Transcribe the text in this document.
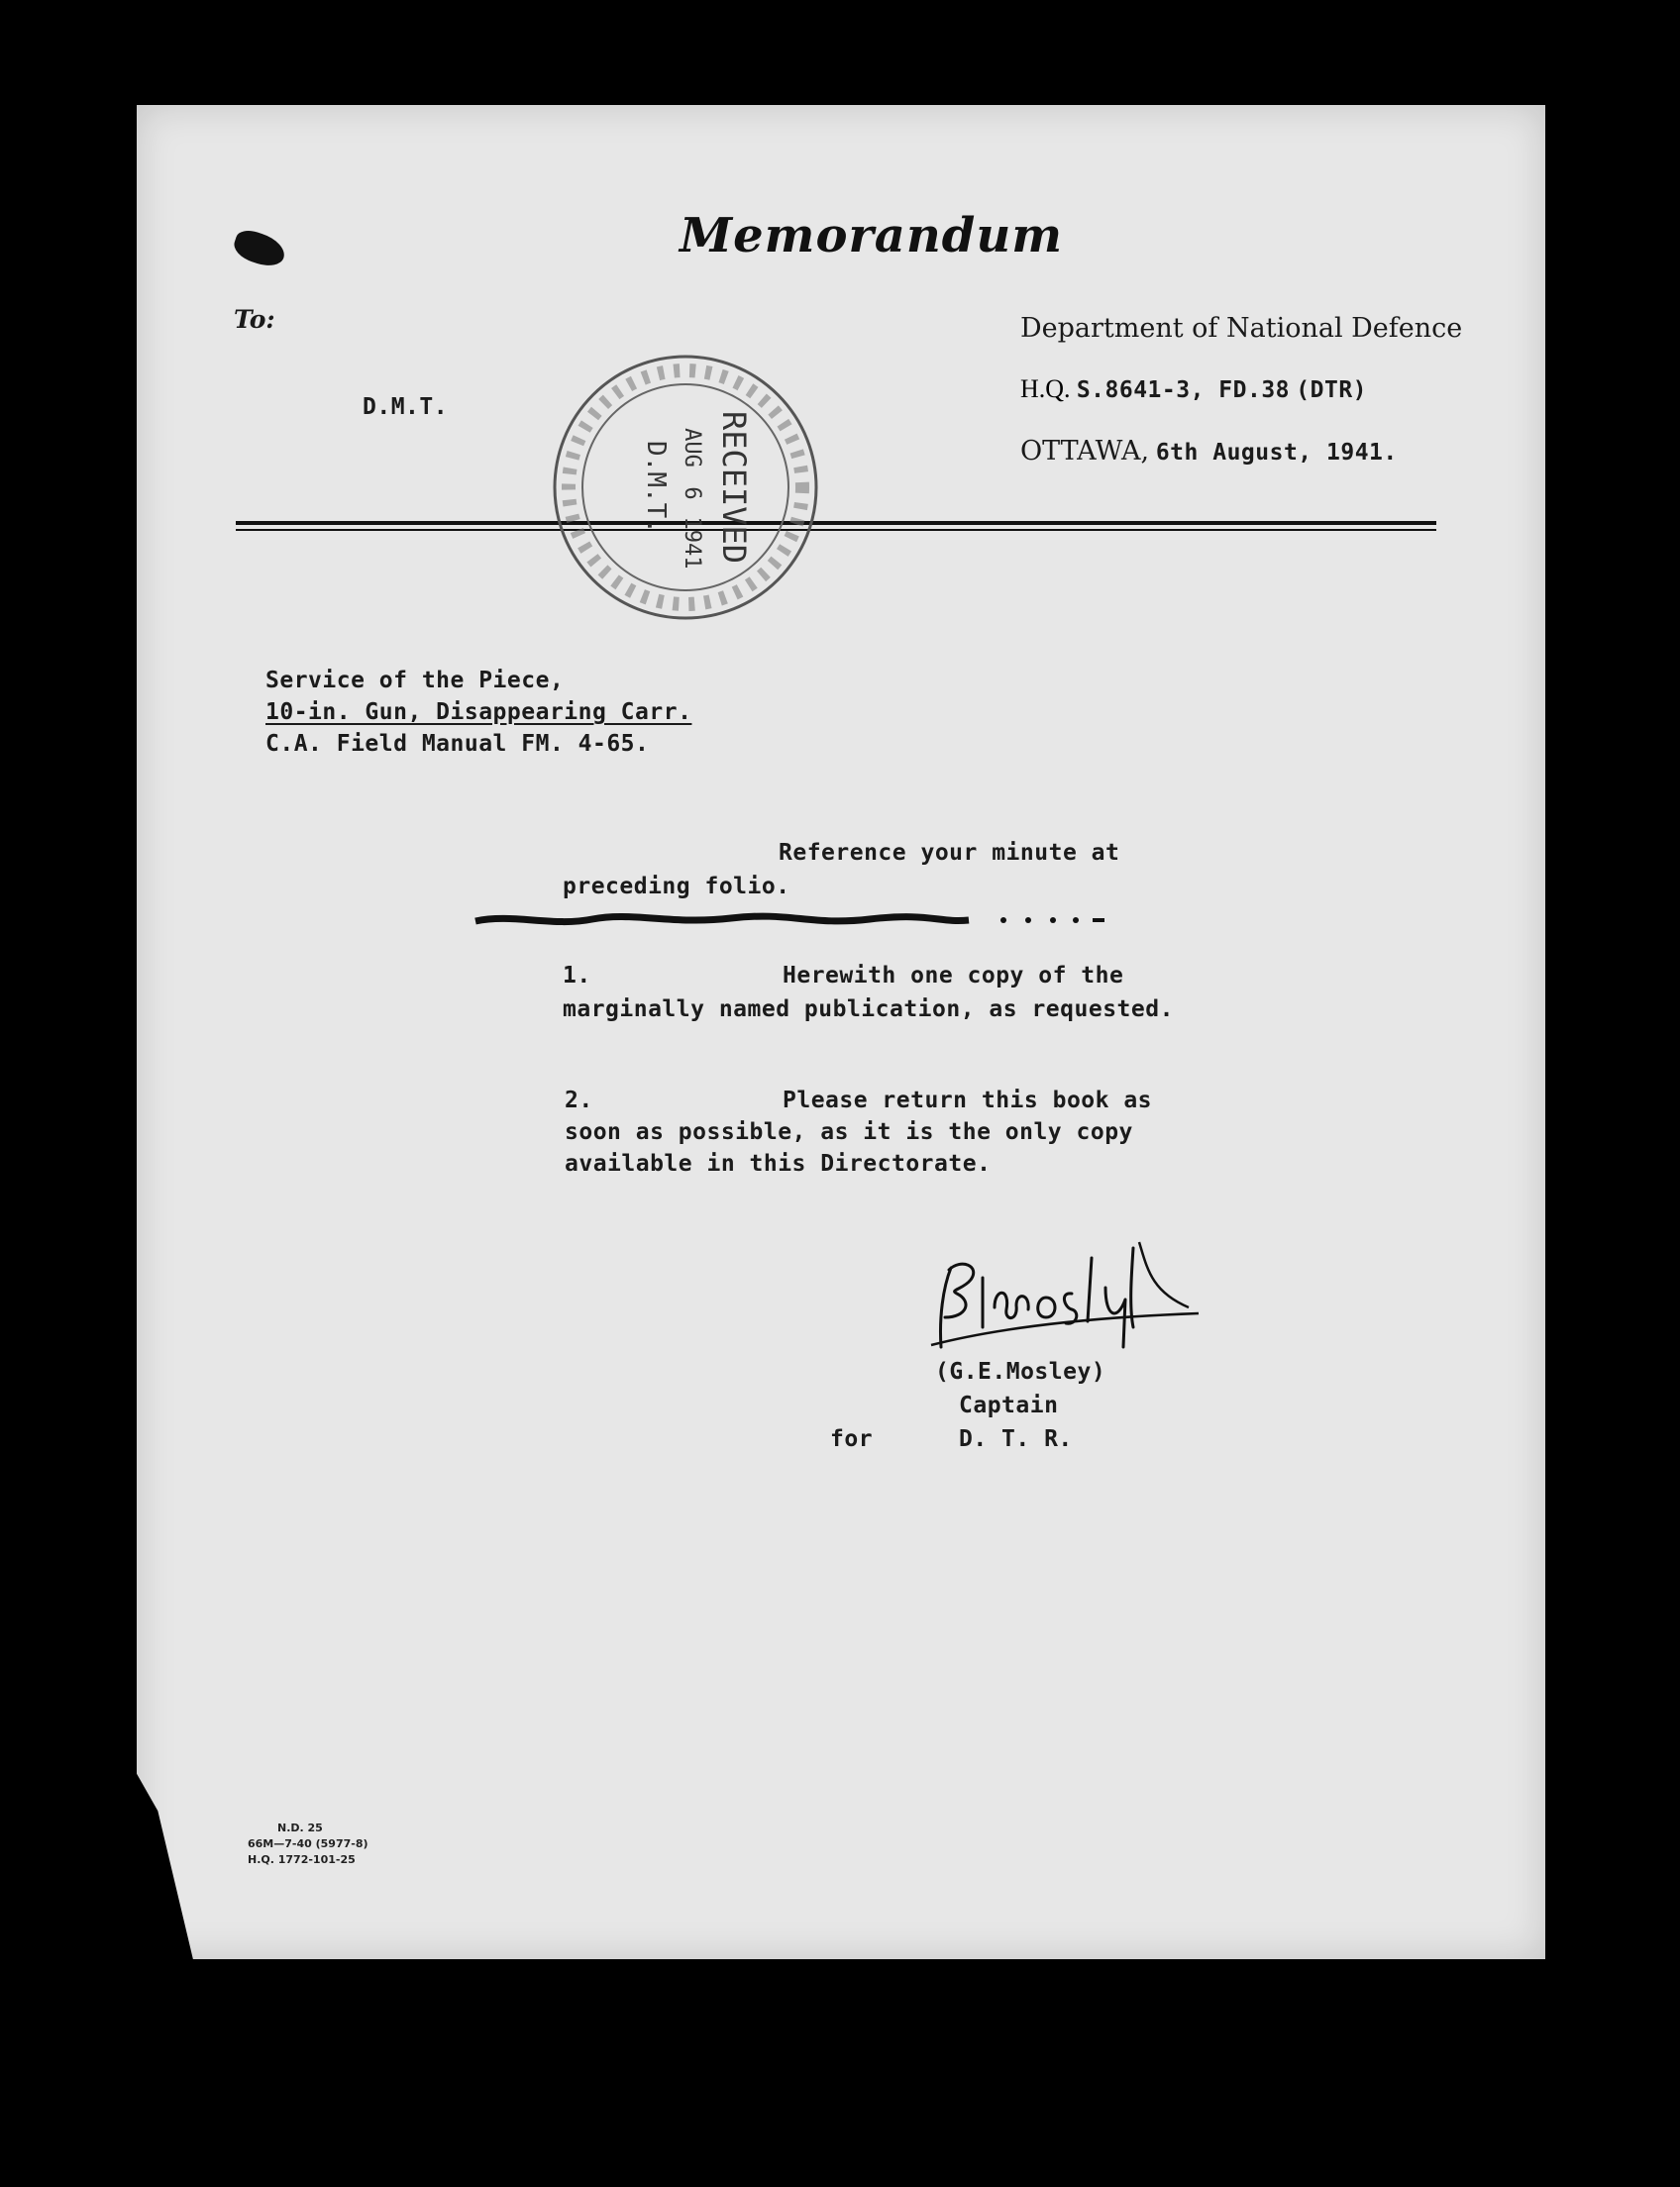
Memorandum
To:
D.M.T.
Department of National Defence
H.Q. S.8641-3, FD.38 (DTR)
OTTAWA, 6th August, 1941.
RECEIVED
AUG
6
1941
D.M.T.
Service of the Piece,
10-in. Gun, Disappearing Carr.
C.A. Field Manual FM. 4-65.
Reference your minute at
preceding folio.
1.	Herewith one copy of the
marginally named publication, as requested.
2.	Please return this book as
soon as possible, as it is the only copy
available in this Directorate.
(G.E.Mosley)
Captain
for	D. T. R.
N.D. 25
66M—7-40 (5977-8)
H.Q. 1772-101-25
